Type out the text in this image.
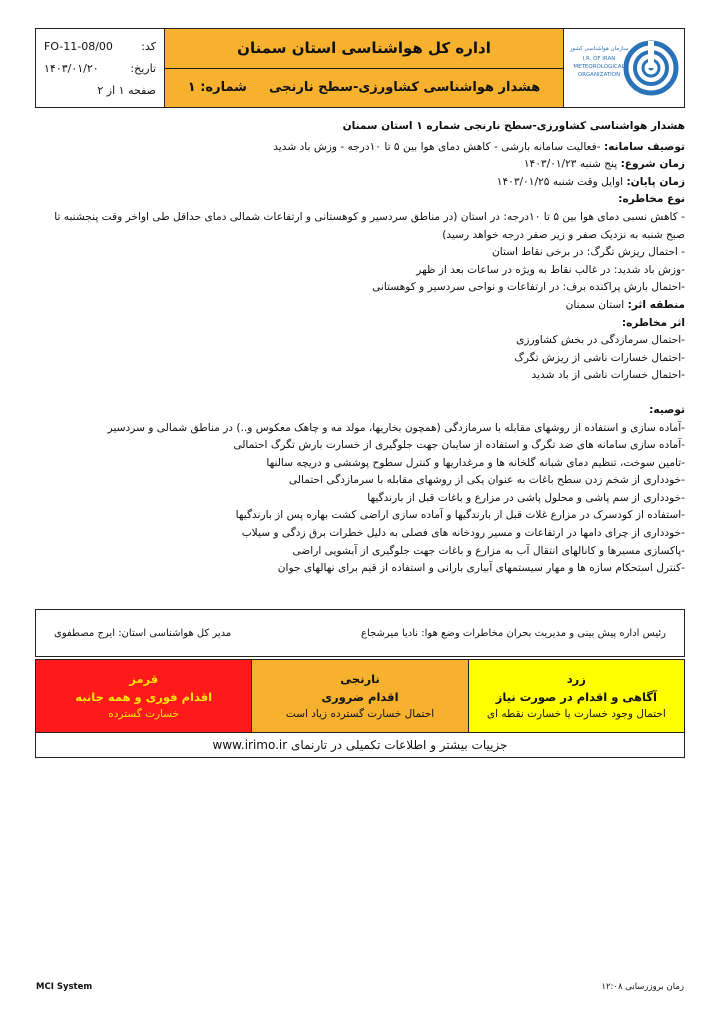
سازمان هواشناسی کشور
I.R. OF IRAN
METEOROLOGICAL
ORGANIZATION
اداره کل هواشناسی استان سمنان
هشدار هواشناسی کشاورزی-سطح نارنجی
شماره: ۱
کد:
FO-11-08/00
تاریخ:
۱۴۰۳/۰۱/۲۰
صفحه ۱ از ۲

هشدار هواشناسی کشاورزی-سطح نارنجی شماره ۱ استان سمنان

توصیف سامانه: -فعالیت سامانه بارشی - کاهش دمای هوا بین ۵ تا ۱۰درجه - وزش باد شدید

زمان شروع: پنج شنبه ۱۴۰۳/۰۱/۲۳

زمان پایان: اوایل وقت شنبه ۱۴۰۳/۰۱/۲۵

نوع مخاطره:

- کاهش نسبی دمای هوا بین ۵ تا ۱۰درجه: در استان (در مناطق سردسیر و کوهستانی و ارتفاعات شمالی دمای حداقل طی اواخر وقت پنجشنبه تا صبح شنبه به نزدیک صفر و زیر صفر درجه خواهد رسید)

- احتمال ریزش تگرگ: در برخی نقاط استان

-وزش باد شدید: در غالب نقاط به ویژه در ساعات بعد از ظهر

-احتمال بارش پراکنده برف: در ارتفاعات و نواحی سردسیر و کوهستانی

منطقه اثر: استان سمنان

اثر مخاطره:

-احتمال سرمازدگی در بخش کشاورزی

-احتمال خسارات ناشی از ریزش تگرگ

-احتمال خسارات ناشی از باد شدید

توصیه:

-آماده سازی و استفاده از روشهای مقابله با سرمازدگی (همچون بخاریها، مولد مه و چاهک معکوس و..) در مناطق شمالی و سردسیر

-آماده سازی سامانه های ضد تگرگ و استفاده از سایبان جهت جلوگیری از خسارت بارش تگرگ احتمالی

-تامین سوخت، تنظیم دمای شبانه گلخانه ها و مرغداریها و کنترل سطوح پوششی و دریچه سالنها

-خودداری از شخم زدن سطح باغات به عنوان یکی از روشهای مقابله با سرمازدگی احتمالی

-خودداری از سم پاشی و محلول پاشی در مزارع و باغات قبل از بارندگیها

-استفاده از کودسرک در مزارع غلات قبل از بارندگیها و آماده سازی اراضی کشت بهاره پس از بارندگیها

-خودداری از چرای دامها در ارتفاعات و مسیر رودخانه های فصلی به دلیل خطرات برق زدگی و سیلاب

-پاکسازی مسیرها و کانالهای انتقال آب به مزارع و باغات جهت جلوگیری از آبشویی اراضی

-کنترل استحکام سازه ها و مهار سیستمهای آبیاری بارانی و استفاده از قیم برای نهالهای جوان

رئیس اداره پیش بینی و مدیریت بحران مخاطرات وضع هوا: نادیا میرشجاع
مدیر کل هواشناسی استان: ایرج مصطفوی
زرد
آگاهی و اقدام در صورت نیاز
احتمال وجود خسارت یا خسارت نقطه ای
نارنجی
اقدام ضروری
احتمال خسارت گسترده زیاد است
قرمز
اقدام فوری و همه جانبه
خسارت گسترده
جزییات بیشتر و اطلاعات تکمیلی در تارنمای www.irimo.ir
MCI System	زمان بروزرسانی ۱۲:۰۸
